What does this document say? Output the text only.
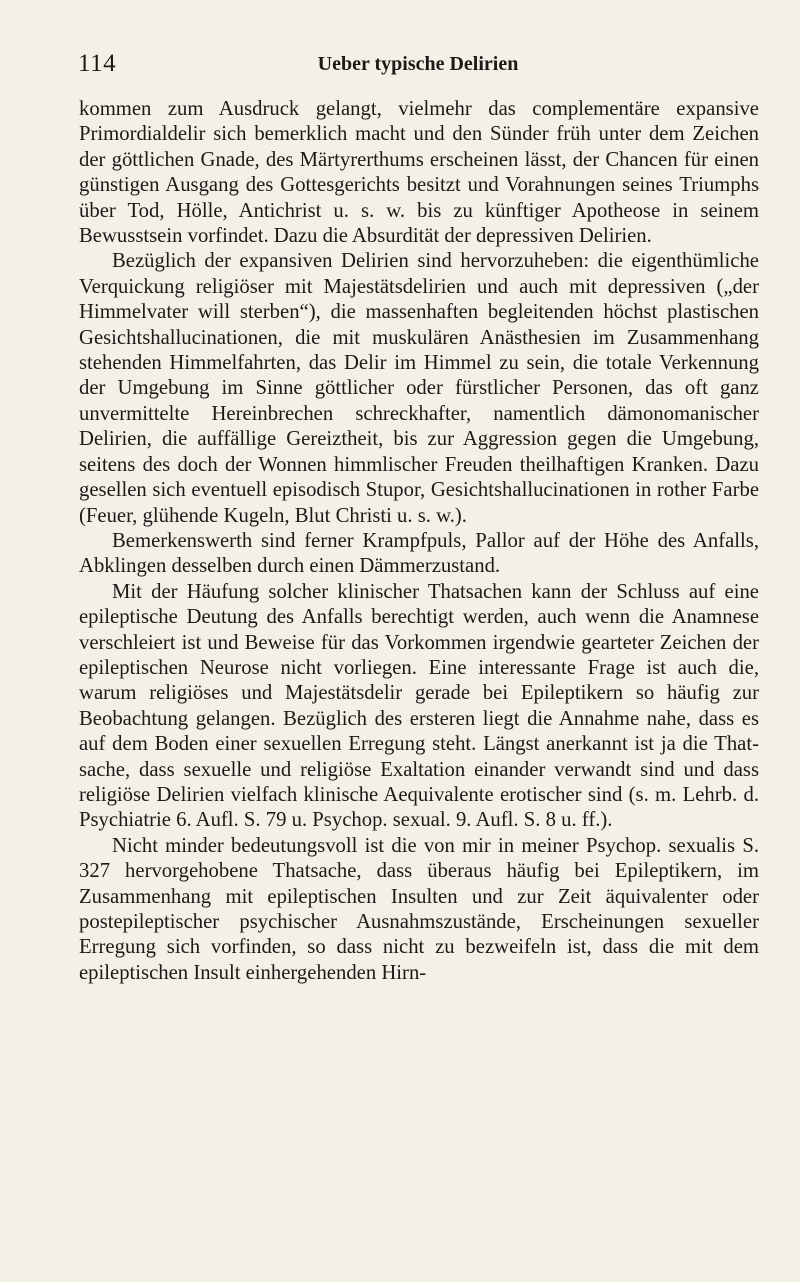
114	Ueber typische Delirien

kommen zum Ausdruck gelangt, vielmehr das complementäre expansive Primordialdelir sich bemerklich macht und den Sünder früh unter dem Zeichen der göttlichen Gnade, des Märtyrerthums erscheinen lässt, der Chancen für einen günstigen Ausgang des Gottesgerichts besitzt und Vorahnungen seines Triumphs über Tod, Hölle, Antichrist u. s. w. bis zu künftiger Apotheose in seinem Bewusstsein vorfindet. Dazu die Absurdität der depressiven Delirien.

Bezüglich der expansiven Delirien sind hervorzuheben: die eigenthümliche Verquickung religiöser mit Majestätsdelirien und auch mit depressiven („der Himmelvater will sterben“), die massenhaften begleitenden höchst plastischen Gesichtshallucinationen, die mit muskulären Anästhesien im Zusammenhang stehenden Himmelfahrten, das Delir im Himmel zu sein, die totale Verkennung der Umgebung im Sinne göttlicher oder fürstlicher Personen, das oft ganz unvermittelte Hereinbrechen schreckhafter, namentlich dämonomanischer Delirien, die auffällige Gereiztheit, bis zur Aggression gegen die Umgebung, seitens des doch der Wonnen himmlischer Freuden theilhaftigen Kranken. Dazu gesellen sich eventuell episodisch Stupor, Gesichtshallucinationen in rother Farbe (Feuer, glühende Kugeln, Blut Christi u. s. w.).

Bemerkenswerth sind ferner Krampfpuls, Pallor auf der Höhe des Anfalls, Abklingen desselben durch einen Dämmerzustand.

Mit der Häufung solcher klinischer Thatsachen kann der Schluss auf eine epileptische Deutung des Anfalls berechtigt werden, auch wenn die Anamnese verschleiert ist und Beweise für das Vorkommen irgendwie gearteter Zeichen der epileptischen Neurose nicht vorliegen. Eine interessante Frage ist auch die, warum religiöses und Majestätsdelir gerade bei Epileptikern so häufig zur Beobachtung gelangen. Bezüglich des ersteren liegt die Annahme nahe, dass es auf dem Boden einer sexuellen Erregung steht. Längst anerkannt ist ja die Thatsache, dass sexuelle und religiöse Exaltation einander verwandt sind und dass religiöse Delirien vielfach klinische Aequivalente erotischer sind (s. m. Lehrb. d. Psychiatrie 6. Aufl. S. 79 u. Psychop. sexual. 9. Aufl. S. 8 u. ff.).

Nicht minder bedeutungsvoll ist die von mir in meiner Psychop. sexualis S. 327 hervorgehobene Thatsache, dass überaus häufig bei Epileptikern, im Zusammenhang mit epileptischen Insulten und zur Zeit äquivalenter oder postepileptischer psychischer Ausnahmszustände, Erscheinungen sexueller Erregung sich vorfinden, so dass nicht zu bezweifeln ist, dass die mit dem epileptischen Insult einhergehenden Hirn-
